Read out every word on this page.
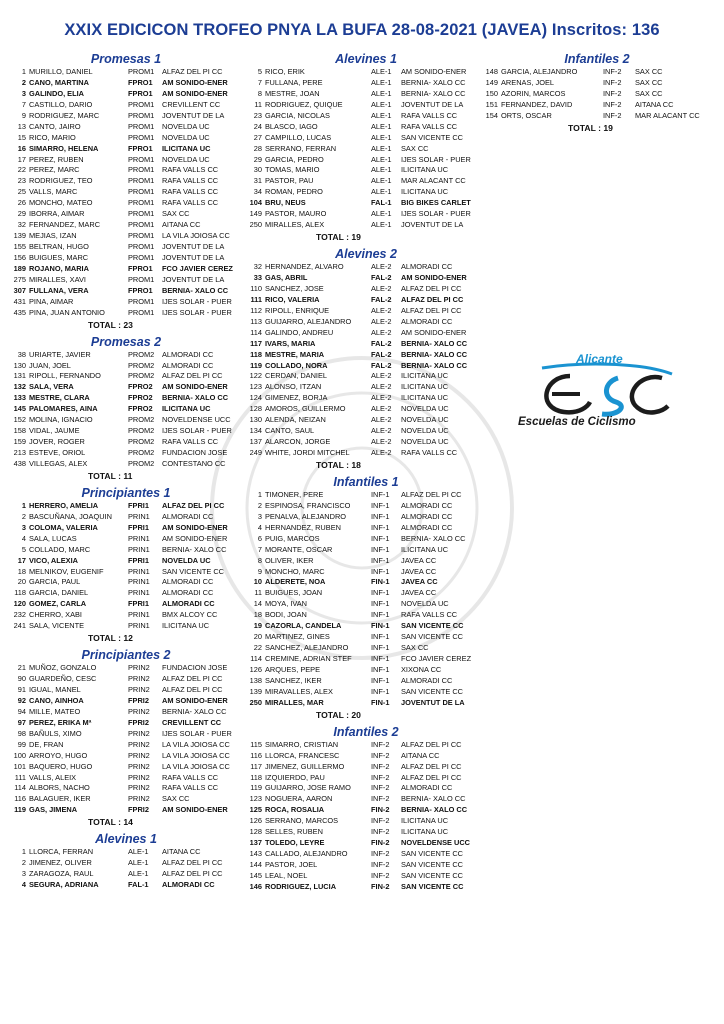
XXIX EDICICON TROFEO PNYA LA BUFA 28-08-2021 (JAVEA) Inscritos: 136
Promesas 1
1 MURILLO, DANIEL	PROM1	ALFAZ DEL PI CC
2 CANO, MARTINA	FPRO1	AM SONIDO-ENER
3 GALINDO, ELIA	FPRO1	AM SONIDO-ENER
7 CASTILLO, DARIO	PROM1	CREVILLENT CC
9 RODRIGUEZ, MARC	PROM1	JOVENTUT DE LA
13 CANTO, JAIRO	PROM1	NOVELDA UC
15 RICO, MARIO	PROM1	NOVELDA UC
16 SIMARRO, HELENA	FPRO1	ILICITANA UC
17 PEREZ, RUBEN	PROM1	NOVELDA UC
22 PEREZ, MARC	PROM1	RAFA VALLS CC
23 RODRIGUEZ, TEO	PROM1	RAFA VALLS CC
25 VALLS, MARC	PROM1	RAFA VALLS CC
26 MONCHO, MATEO	PROM1	RAFA VALLS CC
29 IBORRA, AIMAR	PROM1	SAX CC
32 FERNANDEZ, MARC	PROM1	AITANA CC
139 MEJIAS, IZAN	PROM1	LA VILA JOIOSA CC
155 BELTRAN, HUGO	PROM1	JOVENTUT DE LA
156 BUIGUES, MARC	PROM1	JOVENTUT DE LA
189 ROJANO, MARIA	FPRO1	FCO JAVIER CEREZ
275 MIRALLES, XAVI	PROM1	JOVENTUT DE LA
307 FULLANA, VERA	FPRO1	BERNIA- XALO CC
431 PINA, AIMAR	PROM1	IJES SOLAR - PUER
435 PINA, JUAN ANTONIO	PROM1	IJES SOLAR - PUER
TOTAL : 23
Promesas 2
38 URIARTE, JAVIER	PROM2	ALMORADI CC
130 JUAN, JOEL	PROM2	ALMORADI CC
131 RIPOLL, FERNANDO	PROM2	ALFAZ DEL PI CC
132 SALA, VERA	FPRO2	AM SONIDO-ENER
133 MESTRE, CLARA	FPRO2	BERNIA- XALO CC
145 PALOMARES, AINA	FPRO2	ILICITANA UC
152 MOLINA, IGNACIO	PROM2	NOVELDENSE UCC
158 VIDAL, JAUME	PROM2	IJES SOLAR - PUER
159 JOVER, ROGER	PROM2	RAFA VALLS CC
213 ESTEVE, ORIOL	PROM2	FUNDACION JOSE
438 VILLEGAS, ALEX	PROM2	CONTESTANO CC
TOTAL : 11
Principiantes 1
1 HERRERO, AMELIA	FPRI1	ALFAZ DEL PI CC
2 BASCUÑANA, JOAQUIN	PRIN1	ALMORADI CC
3 COLOMA, VALERIA	FPRI1	AM SONIDO-ENER
4 SALA, LUCAS	PRIN1	AM SONIDO-ENER
5 COLLADO, MARC	PRIN1	BERNIA- XALO CC
17 VICO, ALEXIA	FPRI1	NOVELDA UC
18 MELNIKOV, EUGENIF	PRIN1	SAN VICENTE CC
20 GARCIA, PAUL	PRIN1	ALMORADI CC
118 GARCIA, DANIEL	PRIN1	ALMORADI CC
120 GOMEZ, CARLA	FPRI1	ALMORADI CC
232 CHERRO, XABI	PRIN1	BMX ALCOY CC
241 SALA, VICENTE	PRIN1	ILICITANA UC
TOTAL : 12
Principiantes 2
21 MUÑOZ, GONZALO	PRIN2	FUNDACION JOSE
90 GUARDEÑO, CESC	PRIN2	ALFAZ DEL PI CC
91 IGUAL, MANEL	PRIN2	ALFAZ DEL PI CC
92 CANO, AINHOA	FPRI2	AM SONIDO-ENER
94 MILLE, MATEO	PRIN2	BERNIA- XALO CC
97 PEREZ, ERIKA Mª	FPRI2	CREVILLENT CC
98 BAÑULS, XIMO	PRIN2	IJES SOLAR - PUER
99 DE, FRAN	PRIN2	LA VILA JOIOSA CC
100 ARROYO, HUGO	PRIN2	LA VILA JOIOSA CC
101 BAQUERO, HUGO	PRIN2	LA VILA JOIOSA CC
111 VALLS, ALEIX	PRIN2	RAFA VALLS CC
114 ALBORS, NACHO	PRIN2	RAFA VALLS CC
116 BALAGUER, IKER	PRIN2	SAX CC
119 GAS, JIMENA	FPRI2	AM SONIDO-ENER
TOTAL : 14
Alevines 1
1 LLORCA, FERRAN	ALE-1	AITANA CC
2 JIMENEZ, OLIVER	ALE-1	ALFAZ DEL PI CC
3 ZARAGOZA, RAUL	ALE-1	ALFAZ DEL PI CC
4 SEGURA, ADRIANA	FAL-1	ALMORADI CC
Alevines 1
5 RICO, ERIK	ALE-1	AM SONIDO-ENER
7 FULLANA, PERE	ALE-1	BERNIA- XALO CC
8 MESTRE, JOAN	ALE-1	BERNIA- XALO CC
11 RODRIGUEZ, QUIQUE	ALE-1	JOVENTUT DE LA
23 GARCIA, NICOLAS	ALE-1	RAFA VALLS CC
24 BLASCO, IAGO	ALE-1	RAFA VALLS CC
27 CAMPILLO, LUCAS	ALE-1	SAN VICENTE CC
28 SERRANO, FERRAN	ALE-1	SAX CC
29 GARCIA, PEDRO	ALE-1	IJES SOLAR - PUER
30 TOMAS, MARIO	ALE-1	ILICITANA UC
31 PASTOR, PAU	ALE-1	MAR ALACANT CC
34 ROMAN, PEDRO	ALE-1	ILICITANA UC
104 BRU, NEUS	FAL-1	BIG BIKES CARLET
149 PASTOR, MAURO	ALE-1	IJES SOLAR - PUER
250 MIRALLES, ALEX	ALE-1	JOVENTUT DE LA
TOTAL : 19
Alevines 2
32 HERNANDEZ, ALVARO	ALE-2	ALMORADI CC
33 GAS, ABRIL	FAL-2	AM SONIDO-ENER
110 SANCHEZ, JOSE	ALE-2	ALFAZ DEL PI CC
111 RICO, VALERIA	FAL-2	ALFAZ DEL PI CC
112 RIPOLL, ENRIQUE	ALE-2	ALFAZ DEL PI CC
113 GUIJARRO, ALEJANDRO	ALE-2	ALMORADI CC
114 GALINDO, ANDREU	ALE-2	AM SONIDO-ENER
117 IVARS, MARIA	FAL-2	BERNIA- XALO CC
118 MESTRE, MARIA	FAL-2	BERNIA- XALO CC
119 COLLADO, NORA	FAL-2	BERNIA- XALO CC
122 CERDAN, DANIEL	ALE-2	ILICITANA UC
123 ALONSO, ITZAN	ALE-2	ILICITANA UC
124 GIMENEZ, BORJA	ALE-2	ILICITANA UC
128 AMOROS, GUILLERMO	ALE-2	NOVELDA UC
130 ALENDA, NEIZAN	ALE-2	NOVELDA UC
134 CANTO, SAUL	ALE-2	NOVELDA UC
137 ALARCON, JORGE	ALE-2	NOVELDA UC
249 WHITE, JORDI MITCHEL	ALE-2	RAFA VALLS CC
TOTAL : 18
Infantiles 1
1 TIMONER, PERE	INF-1	ALFAZ DEL PI CC
2 ESPINOSA, FRANCISCO	INF-1	ALMORADI CC
3 PENALVA, ALEJANDRO	INF-1	ALMORADI CC
4 HERNANDEZ, RUBEN	INF-1	ALMORADI CC
6 PUIG, MARCOS	INF-1	BERNIA- XALO CC
7 MORANTE, OSCAR	INF-1	ILICITANA UC
8 OLIVER, IKER	INF-1	JAVEA CC
9 MONCHO, MARC	INF-1	JAVEA CC
10 ALDERETE, NOA	FIN-1	JAVEA CC
11 BUIGUES, JOAN	INF-1	JAVEA CC
14 MOYA, IVAN	INF-1	NOVELDA UC
18 BODI, JOAN	INF-1	RAFA VALLS CC
19 CAZORLA, CANDELA	FIN-1	SAN VICENTE CC
20 MARTINEZ, GINES	INF-1	SAN VICENTE CC
22 SANCHEZ, ALEJANDRO	INF-1	SAX CC
114 CREMINE, ADRIAN STEF	INF-1	FCO JAVIER CEREZ
126 ARQUES, PEPE	INF-1	XIXONA CC
138 SANCHEZ, IKER	INF-1	ALMORADI CC
139 MIRAVALLES, ALEX	INF-1	SAN VICENTE CC
250 MIRALLES, MAR	FIN-1	JOVENTUT DE LA
TOTAL : 20
Infantiles 2
115 SIMARRO, CRISTIAN	INF-2	ALFAZ DEL PI CC
116 LLORCA, FRANCESC	INF-2	AITANA CC
117 JIMENEZ, GUILLERMO	INF-2	ALFAZ DEL PI CC
118 IZQUIERDO, PAU	INF-2	ALFAZ DEL PI CC
119 GUIJARRO, JOSE RAMO	INF-2	ALMORADI CC
123 NOGUERA, AARON	INF-2	BERNIA- XALO CC
125 ROCA, ROSALIA	FIN-2	BERNIA- XALO CC
126 SERRANO, MARCOS	INF-2	ILICITANA UC
128 SELLES, RUBEN	INF-2	ILICITANA UC
137 TOLEDO, LEYRE	FIN-2	NOVELDENSE UCC
143 CALLADO, ALEJANDRO	INF-2	SAN VICENTE CC
144 PASTOR, JOEL	INF-2	SAN VICENTE CC
145 LEAL, NOEL	INF-2	SAN VICENTE CC
146 RODRIGUEZ, LUCIA	FIN-2	SAN VICENTE CC
Infantiles 2
148 GARCIA, ALEJANDRO	INF-2	SAX CC
149 ARENAS, JOEL	INF-2	SAX CC
150 AZORIN, MARCOS	INF-2	SAX CC
151 FERNANDEZ, DAVID	INF-2	AITANA CC
154 ORTS, OSCAR	INF-2	MAR ALACANT CC
TOTAL : 19
Alicante
Escuelas de Ciclismo
